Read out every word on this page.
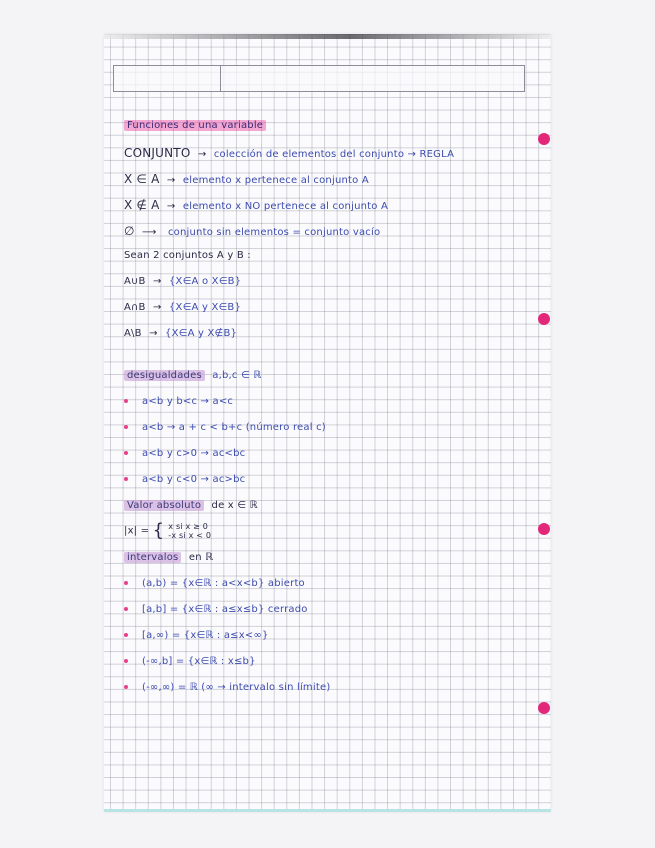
Funciones de una variable
CONJUNTO → colección de elementos del conjunto → REGLA
X ∈ A → elemento x pertenece al conjunto A
X ∉ A → elemento x NO pertenece al conjunto A
∅ ⟶ conjunto sin elementos = conjunto vacío
Sean 2 conjuntos A y B :
A∪B → {X∈A o X∈B}
A∩B → {X∈A y X∈B}
A\B → {X∈A y X∉B}
desigualdades a,b,c ∈ ℝ
a<b y b<c → a<c
a<b → a + c < b+c (número real c)
a<b y c>0 → ac<bc
a<b y c<0 → ac>bc
Valor absoluto de x ∈ ℝ
|x| = { x si x ≥ 0
-x si x < 0
intervalos en ℝ
(a,b) = {x∈ℝ : a<x<b} abierto
[a,b] = {x∈ℝ : a≤x≤b} cerrado
[a,∞) = {x∈ℝ : a≤x<∞}
(-∞,b] = {x∈ℝ : x≤b}
(-∞,∞) = ℝ (∞ → intervalo sin límite)
